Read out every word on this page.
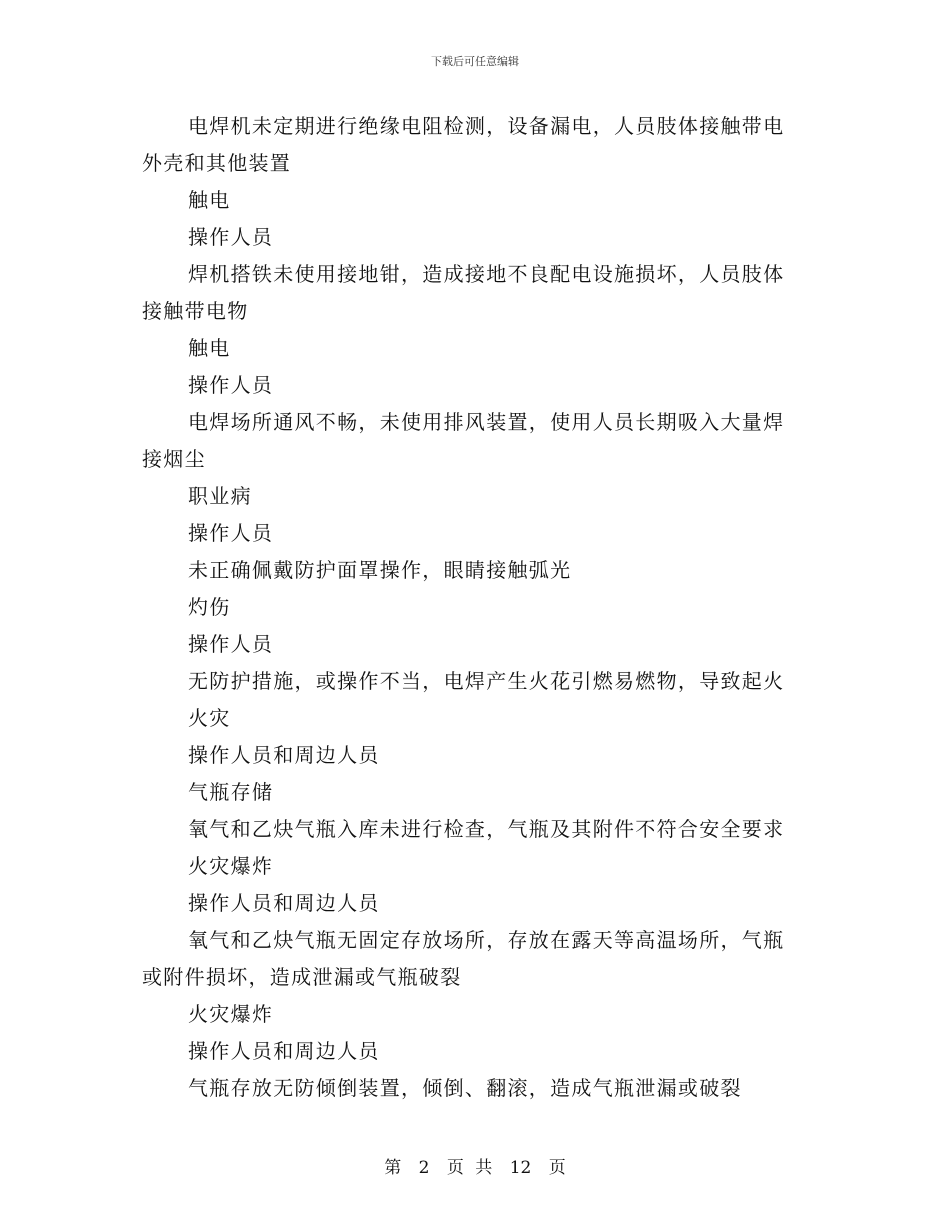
下载后可任意编辑

电焊机未定期进行绝缘电阻检测，设备漏电，人员肢体接触带电外壳和其他装置

触电

操作人员

焊机搭铁未使用接地钳，造成接地不良配电设施损坏，人员肢体接触带电物

触电

操作人员

电焊场所通风不畅，未使用排风装置，使用人员长期吸入大量焊接烟尘

职业病

操作人员

未正确佩戴防护面罩操作，眼睛接触弧光

灼伤

操作人员

无防护措施，或操作不当，电焊产生火花引燃易燃物，导致起火

火灾

操作人员和周边人员

气瓶存储

氧气和乙炔气瓶入库未进行检查，气瓶及其附件不符合安全要求

火灾爆炸

操作人员和周边人员

氧气和乙炔气瓶无固定存放场所，存放在露天等高温场所，气瓶或附件损坏，造成泄漏或气瓶破裂

火灾爆炸

操作人员和周边人员

气瓶存放无防倾倒装置，倾倒、翻滚，造成气瓶泄漏或破裂

第 2 页 共 12 页
